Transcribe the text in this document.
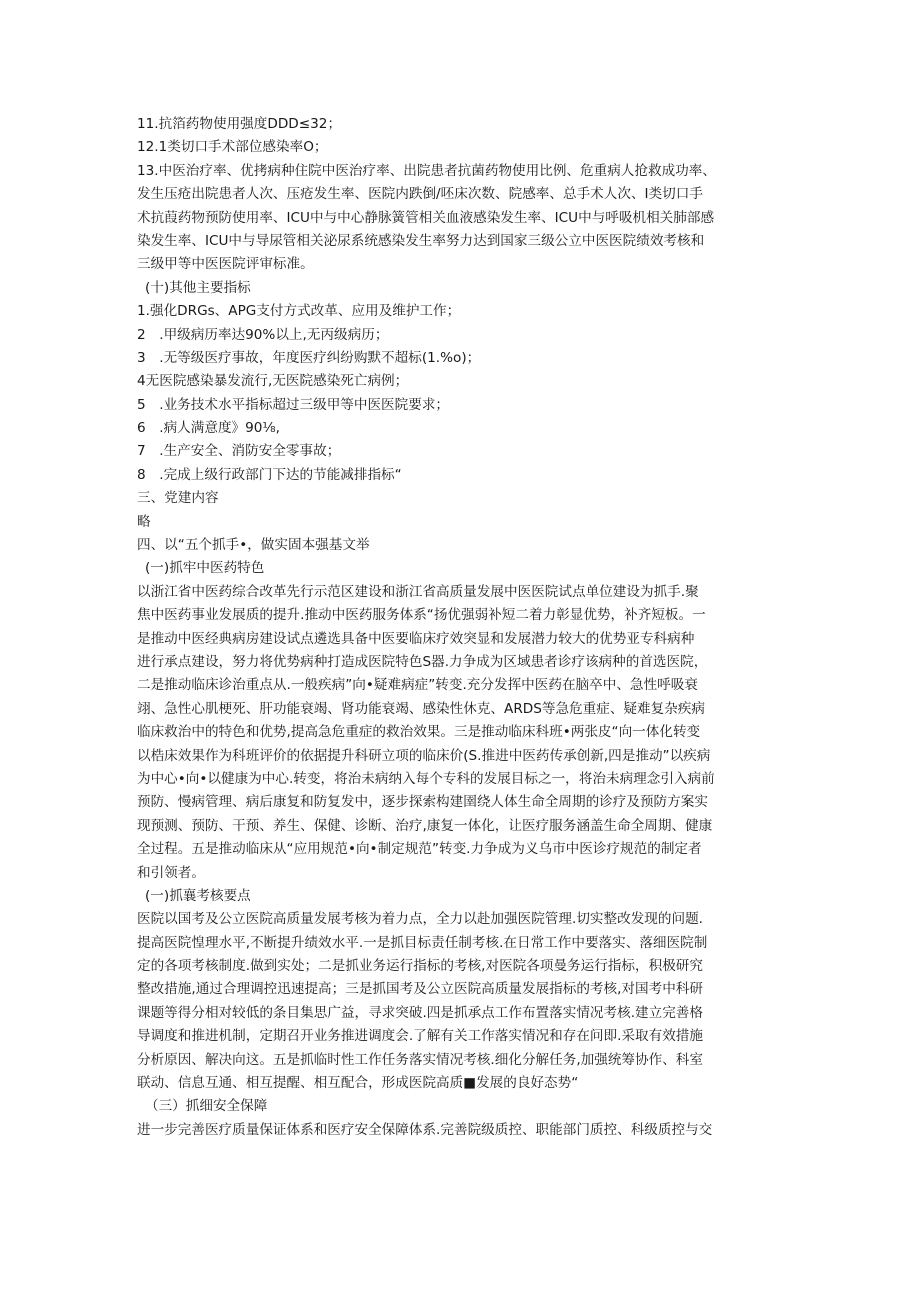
11.抗箔药物使用强度DDD≤32；
12.1类切口手术部位感染率O；
13.中医治疗率、优拷病种住院中医治疗率、出院患者抗菌药物使用比例、危重病人抢救成功率、
发生压疮出院患者人次、压疮发生率、医院内跌倒/呸床次数、院感率、总手术人次、I类切口手
术抗葭药物预防使用率、ICU中与中心静脉簧管相关血液感染发生率、ICU中与呼吸机相关肺部感
染发生率、ICU中与导尿管相关泌尿系统感染发生率努力达到国家三级公立中医医院绩效考核和
三级甲等中医医院评审标准。
(十)其他主要指标
1.强化DRGs、APG支付方式改革、应用及维护工作；
2　.甲级病历率达90%以上,无丙级病历；
3　.无等级医疗事故，年度医疗纠纷购默不超标(1.%o)；
4无医院感染暴发流行,无医院感染死亡病例；
5　.业务技术水平指标超过三级甲等中医医院要求；
6　.病人满意度》90⅛,
7　.生产安全、消防安全零事故；
8　.完成上级行政部门下达的节能减排指标“
三、党建内容
略
四、以“五个抓手•，做实固本强基文举
(一)抓牢中医药特色
以浙江省中医药综合改革先行示范区建设和浙江省高质量发展中医医院试点单位建设为抓手.聚
焦中医药事业发展质的提升.推动中医药服务体系“扬优强弱补短二着力彰显优势，补齐短板。一
是推动中医经典病房建设试点遴选具备中医要临床疗效突显和发展潜力较大的优势亚专科病种
进行承点建设，努力将优势病种打造成医院特色S器.力争成为区域患者诊疗该病种的首选医院，
二是推动临床诊治重点从.一般疾病”向•疑难病症”转变.充分发挥中医药在脑卒中、急性呼吸衰
翊、急性心肌梗死、肝功能衰竭、肾功能衰竭、感染性休克、ARDS等急危重症、疑难复杂疾病
临床救治中的特色和优势,提高急危重症的救治效果。三是推动临床科班•两张皮“向一体化转变
以梏床效果作为科班评价的依据提升科研立项的临床价(S.推进中医药传承创新,四是推动”以疾病
为中心•向•以健康为中心.转变，将治未病纳入每个专科的发展目标之一，将治未病理念引入病前
预防、慢病管理、病后康复和防复发中，逐步探索构建圉绕人体生命全周期的诊疗及预防方案实
现预测、预防、干预、养生、保健、诊断、治疗,康复一体化，让医疗服务涵盖生命全周期、健康
全过程。五是推动临床从“应用规范•向•制定规范”转变.力争成为义乌市中医诊疗规范的制定者
和引领者。
(一)抓襄考核要点
医院以国考及公立医院高质量发展考核为着力点，全力以赴加强医院管理.切实整改发现的问题.
提高医院惶理水平,不断提升绩效水平.一是抓目标责任制考核.在日常工作中要落实、落细医院制
定的各项考核制度.做到实处；二是抓业务运行指标的考核,对医院各项曼务运行指标，积极研究
整改措施,通过合理调控迅速提高；三是抓国考及公立医院高质量发展指标的考核,对国考中科研
课题等得分相对较低的条目集思广益，寻求突破.四是抓承点工作布置落实情况考核.建立完善格
导调度和推进机制，定期召开业务推进调度会.了解有关工作落实情况和存在问即.采取有效措施
分析原因、解决向这。五是抓临时性工作任务落实情况考核.细化分解任务,加强统筹协作、科室
联动、信息互通、相互提醒、相互配合，形成医院高质■发展的良好态势“
（三）抓细安全保障
进一步完善医疗质量保证体系和医疗安全保障体系.完善院级质控、职能部门质控、科级质控与交
